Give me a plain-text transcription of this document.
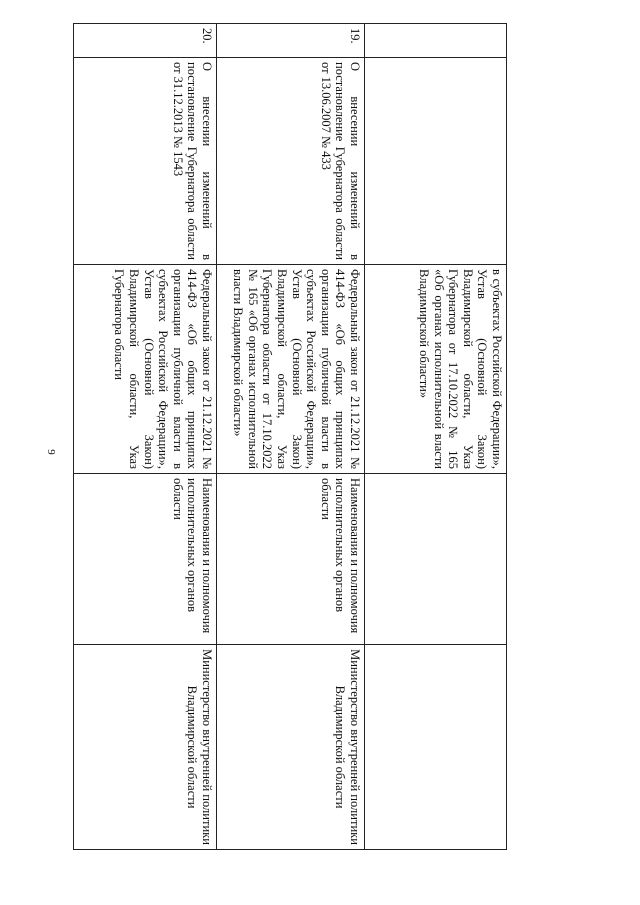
9
			в субъектах Российской Федерации», Устав (Основной Закон) Владимирской области, Указ Губернатора от 17.10.2022 № 165 «Об органах исполнительной власти Владимирской области»		
19.	О внесении изменений в постановление Губернатора области от 13.06.2007 № 433	Федеральный закон от 21.12.2021 № 414-ФЗ «Об общих принципах организации публичной власти в субъектах Российской Федерации», Устав (Основной Закон) Владимирской области, Указ Губернатора области от 17.10.2022 № 165 «Об органах исполнительной власти Владимирской области»	Наименования и полномочия исполнительных органов области	Министерство внутренней политики Владимирской области
20.	О внесении изменений в постановление Губернатора области от 31.12.2013 № 1543	Федеральный закон от 21.12.2021 № 414-ФЗ «Об общих принципах организации публичной власти в субъектах Российской Федерации», Устав (Основной Закон) Владимирской области, Указ Губернатора области	Наименования и полномочия исполнительных органов области	Министерство внутренней политики Владимирской области
